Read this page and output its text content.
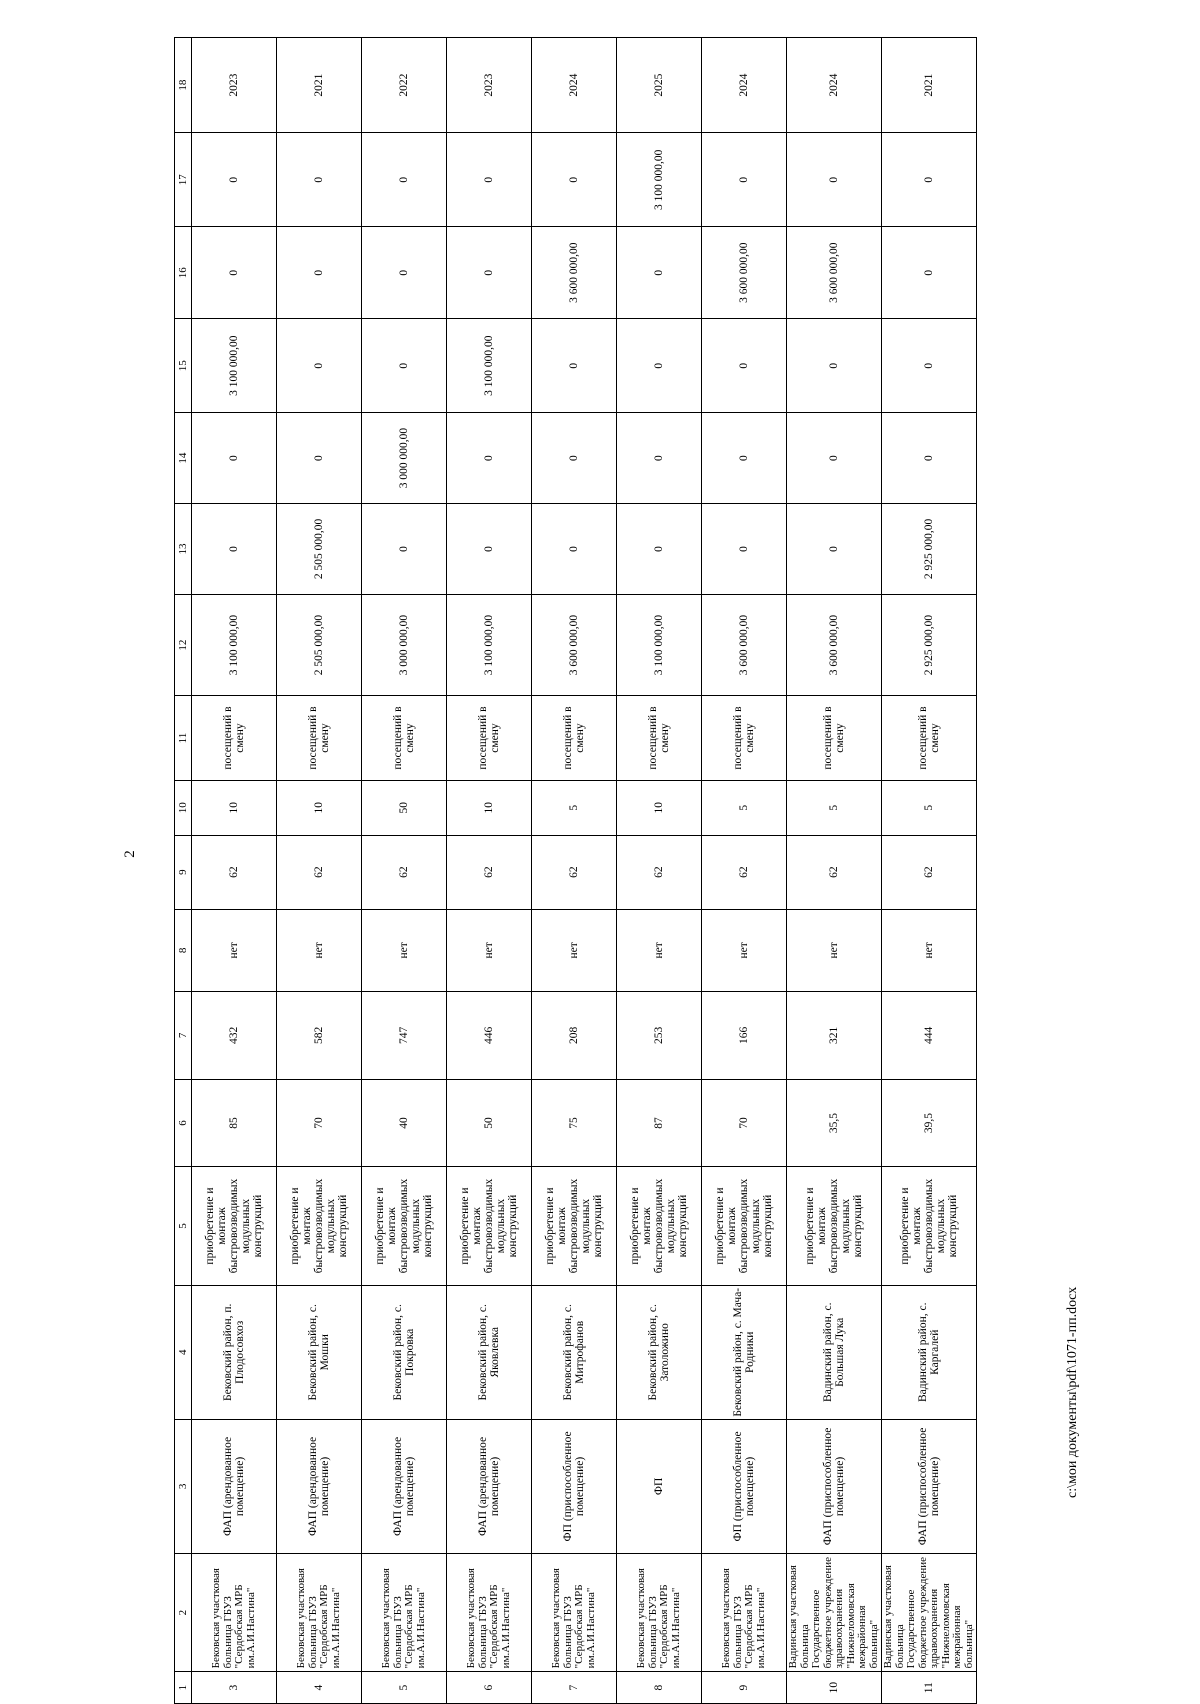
2
1	2	3	4	5	6	7	8	9	10	11	12	13	14	15	16	17	18
3	Бековская участковая больница ГБУЗ "Сердобская МРБ им.А.И.Настина"	ФАП (арендованное помещение)	Бековский район, п. Плодосовхоз	приобретение и монтаж быстровозводимых модульных конструкций	85	432	нет	62	10	посещений в смену	3 100 000,00	0	0	3 100 000,00	0	0	2023
4	Бековская участковая больница ГБУЗ "Сердобская МРБ им.А.И.Настина"	ФАП (арендованное помещение)	Бековский район, с. Мошки	приобретение и монтаж быстровозводимых модульных конструкций	70	582	нет	62	10	посещений в смену	2 505 000,00	2 505 000,00	0	0	0	0	2021
5	Бековская участковая больница ГБУЗ "Сердобская МРБ им.А.И.Настина"	ФАП (арендованное помещение)	Бековский район, с. Покровка	приобретение и монтаж быстровозводимых модульных конструкций	40	747	нет	62	50	посещений в смену	3 000 000,00	0	3 000 000,00	0	0	0	2022
6	Бековская участковая больница ГБУЗ "Сердобская МРБ им.А.И.Настина"	ФАП (арендованное помещение)	Бековский район, с. Яковлевка	приобретение и монтаж быстровозводимых модульных конструкций	50	446	нет	62	10	посещений в смену	3 100 000,00	0	0	3 100 000,00	0	0	2023
7	Бековская участковая больница ГБУЗ "Сердобская МРБ им.А.И.Настина"	ФП (приспособленное помещение)	Бековский район, с. Митрофанов	приобретение и монтаж быстровозводимых модульных конструкций	75	208	нет	62	5	посещений в смену	3 600 000,00	0	0	0	3 600 000,00	0	2024
8	Бековская участковая больница ГБУЗ "Сердобская МРБ им.А.И.Настина"	ФП	Бековский район, с. Затоложино	приобретение и монтаж быстровозводимых модульных конструкций	87	253	нет	62	10	посещений в смену	3 100 000,00	0	0	0	0	3 100 000,00	2025
9	Бековская участковая больница ГБУЗ "Сердобская МРБ им.А.И.Настина"	ФП (приспособленное помещение)	Бековский район, с. Мача-Родники	приобретение и монтаж быстровозводимых модульных конструкций	70	166	нет	62	5	посещений в смену	3 600 000,00	0	0	0	3 600 000,00	0	2024
10	Вадинская участковая больница Государственное бюджетное учреждение здравоохранения "Нижнеломовская межрайонная больница"	ФАП (приспособленное помещение)	Вадинский район, с. Большая Лука	приобретение и монтаж быстровозводимых модульных конструкций	35,5	321	нет	62	5	посещений в смену	3 600 000,00	0	0	0	3 600 000,00	0	2024
11	Вадинская участковая больница Государственное бюджетное учреждение здравоохранения "Нижнеломовская межрайонная больница"	ФАП (приспособленное помещение)	Вадинский район, с. Каргалей	приобретение и монтаж быстровозводимых модульных конструкций	39,5	444	нет	62	5	посещений в смену	2 925 000,00	2 925 000,00	0	0	0	0	2021
c:\мои документы\pdf\1071-пп.docx
